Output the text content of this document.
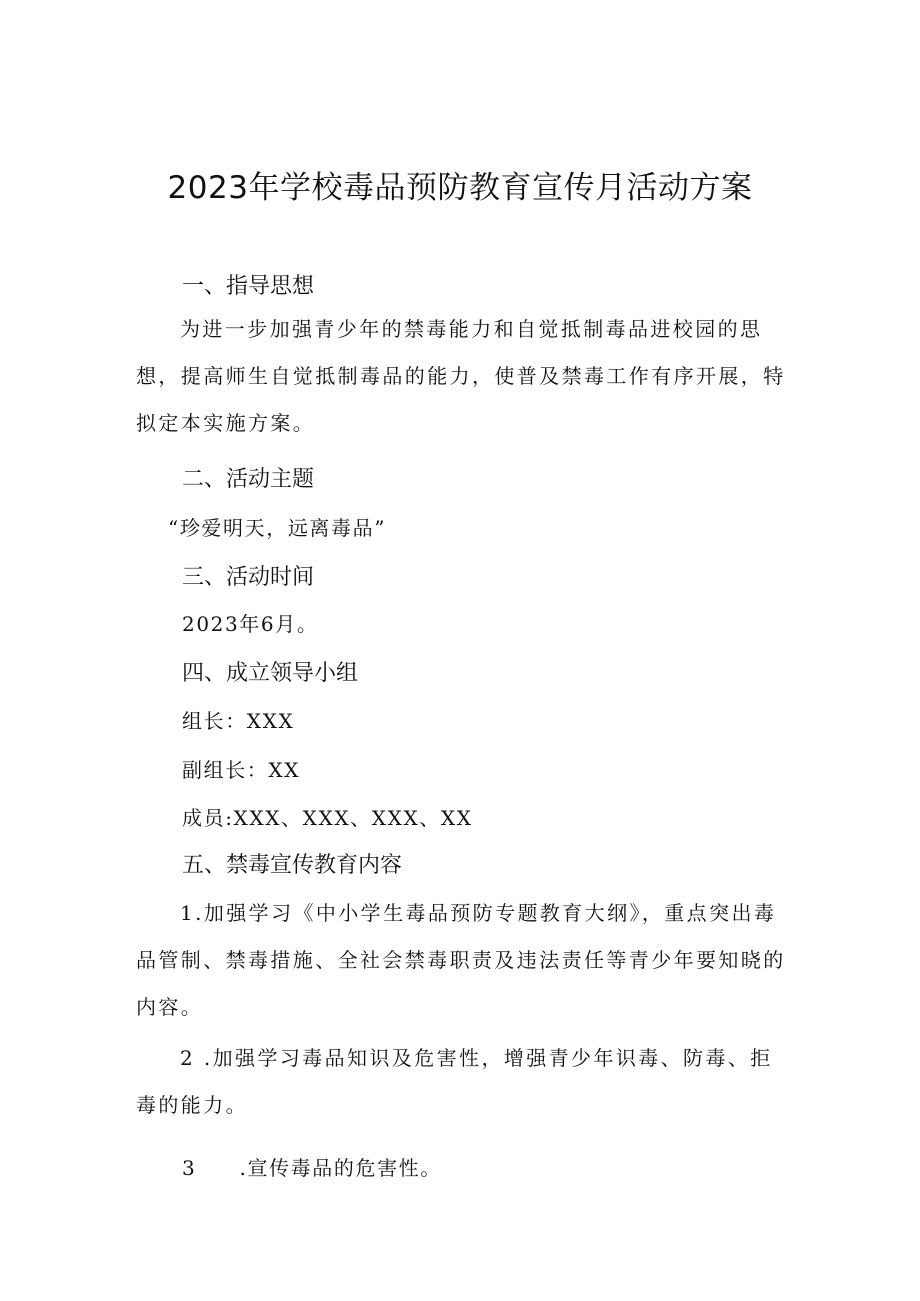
2023年学校毒品预防教育宣传月活动方案
一、指导思想

为进一步加强青少年的禁毒能力和自觉抵制毒品进校园的思想，提高师生自觉抵制毒品的能力，使普及禁毒工作有序开展，特拟定本实施方案。

二、活动主题

“珍爱明天，远离毒品”

三、活动时间

2023年6月。

四、成立领导小组

组长：XXX

副组长：XX

成员:XXX、XXX、XXX、XX

五、禁毒宣传教育内容

1.加强学习《中小学生毒品预防专题教育大纲》，重点突出毒品管制、禁毒措施、全社会禁毒职责及违法责任等青少年要知晓的内容。

2 .加强学习毒品知识及危害性，增强青少年识毒、防毒、拒毒的能力。

3　　.宣传毒品的危害性。
